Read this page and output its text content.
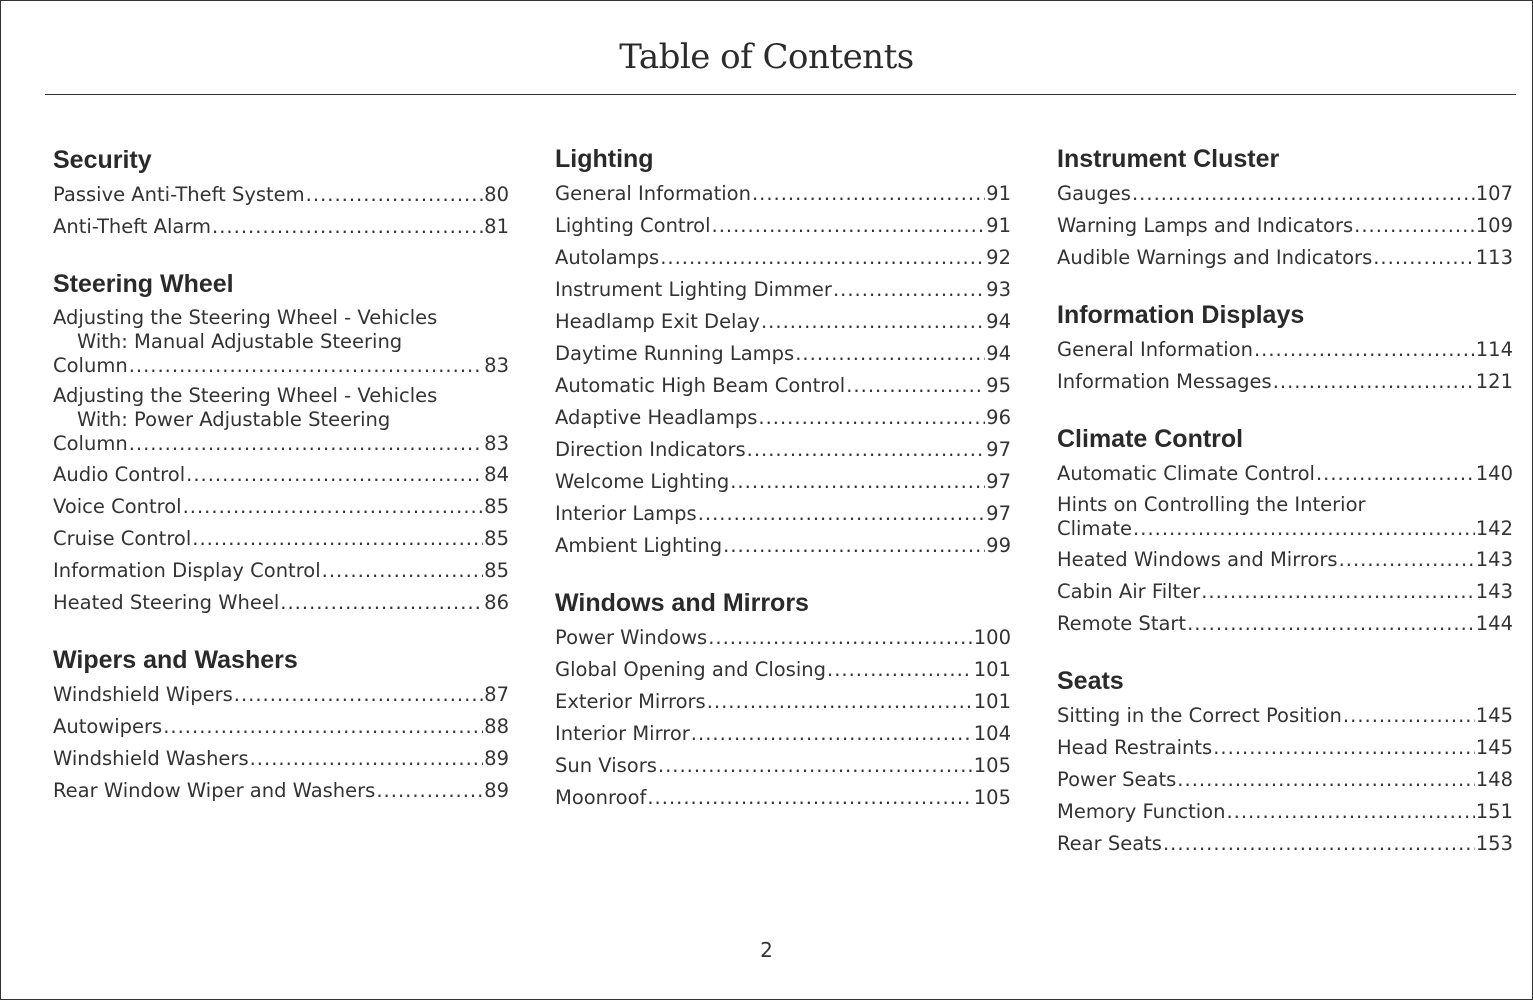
Table of Contents
Security
Passive Anti-Theft System .....	80
Anti-Theft Alarm .....	81
Steering Wheel
Adjusting the Steering Wheel - Vehicles
With: Manual Adjustable Steering
Column .....	83
Adjusting the Steering Wheel - Vehicles
With: Power Adjustable Steering
Column .....	83
Audio Control .....	84
Voice Control .....	85
Cruise Control .....	85
Information Display Control .....	85
Heated Steering Wheel .....	86
Wipers and Washers
Windshield Wipers .....	87
Autowipers .....	88
Windshield Washers .....	89
Rear Window Wiper and Washers .....	89
Lighting
General Information .....	91
Lighting Control .....	91
Autolamps .....	92
Instrument Lighting Dimmer .....	93
Headlamp Exit Delay .....	94
Daytime Running Lamps .....	94
Automatic High Beam Control .....	95
Adaptive Headlamps .....	96
Direction Indicators .....	97
Welcome Lighting .....	97
Interior Lamps .....	97
Ambient Lighting .....	99
Windows and Mirrors
Power Windows .....	100
Global Opening and Closing .....	101
Exterior Mirrors .....	101
Interior Mirror .....	104
Sun Visors .....	105
Moonroof .....	105
Instrument Cluster
Gauges .....	107
Warning Lamps and Indicators .....	109
Audible Warnings and Indicators .....	113
Information Displays
General Information .....	114
Information Messages .....	121
Climate Control
Automatic Climate Control .....	140
Hints on Controlling the Interior
Climate .....	142
Heated Windows and Mirrors .....	143
Cabin Air Filter .....	143
Remote Start .....	144
Seats
Sitting in the Correct Position .....	145
Head Restraints .....	145
Power Seats .....	148
Memory Function .....	151
Rear Seats .....	153
2
